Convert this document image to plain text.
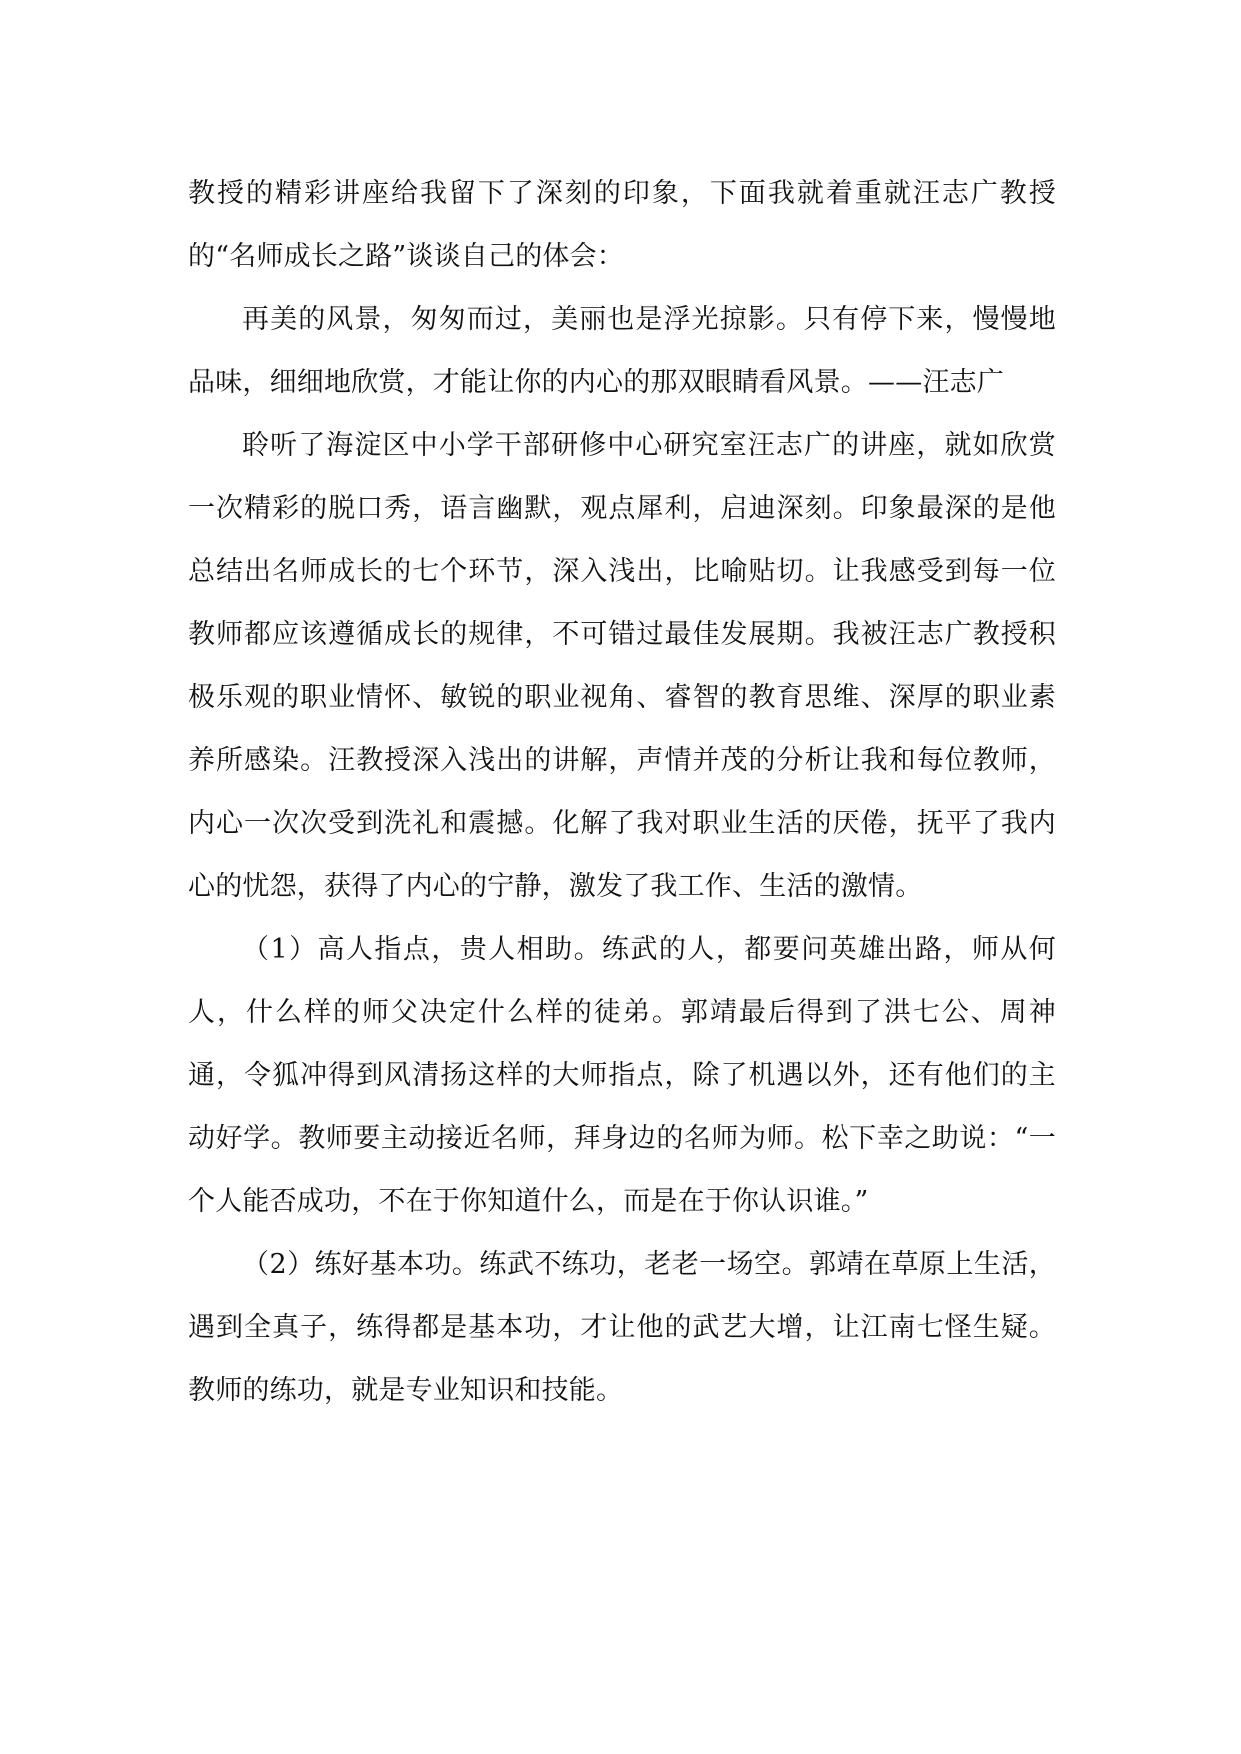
教授的精彩讲座给我留下了深刻的印象，下面我就着重就汪志广教授的“名师成长之路”谈谈自己的体会：

再美的风景，匆匆而过，美丽也是浮光掠影。只有停下来，慢慢地品味，细细地欣赏，才能让你的内心的那双眼睛看风景。——汪志广

聆听了海淀区中小学干部研修中心研究室汪志广的讲座，就如欣赏一次精彩的脱口秀，语言幽默，观点犀利，启迪深刻。印象最深的是他总结出名师成长的七个环节，深入浅出，比喻贴切。让我感受到每一位教师都应该遵循成长的规律，不可错过最佳发展期。我被汪志广教授积极乐观的职业情怀、敏锐的职业视角、睿智的教育思维、深厚的职业素养所感染。汪教授深入浅出的讲解，声情并茂的分析让我和每位教师，内心一次次受到洗礼和震撼。化解了我对职业生活的厌倦，抚平了我内心的忧怨，获得了内心的宁静，激发了我工作、生活的激情。

（1）高人指点，贵人相助。练武的人，都要问英雄出路，师从何人，什么样的师父决定什么样的徒弟。郭靖最后得到了洪七公、周神通，令狐冲得到风清扬这样的大师指点，除了机遇以外，还有他们的主动好学。教师要主动接近名师，拜身边的名师为师。松下幸之助说：“一个人能否成功，不在于你知道什么，而是在于你认识谁。”

（2）练好基本功。练武不练功，老老一场空。郭靖在草原上生活，遇到全真子，练得都是基本功，才让他的武艺大增，让江南七怪生疑。教师的练功，就是专业知识和技能。
